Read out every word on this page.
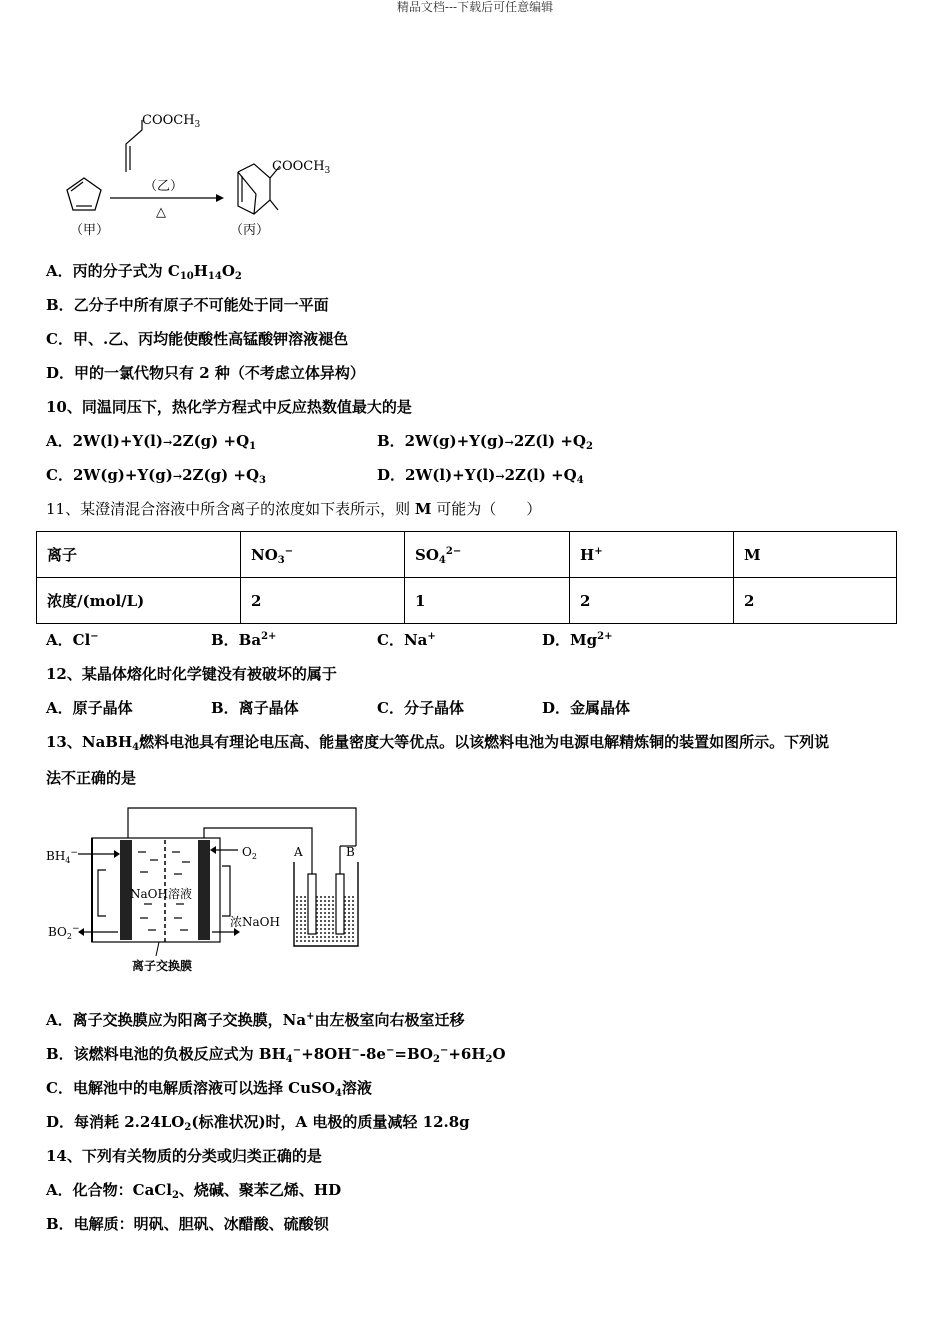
精品文档---下载后可任意编辑
$COOCH_3$
（甲）
（乙）
△
$COOCH_3$
（丙）
A．丙的分子式为 $C_{10}H_{14}O_2$
B．乙分子中所有原子不可能处于同一平面
C．甲、.乙、丙均能使酸性高锰酸钾溶液褪色
D．甲的一氯代物只有 2 种（不考虑立体异构）
10、同温同压下，热化学方程式中反应热数值最大的是
A．$2W(l)+Y(l)\to 2Z(g) +Q_1$	B．$2W(g)+Y(g)\to 2Z(l) +Q_2$
C．$2W(g)+Y(g)\to 2Z(g) +Q_3$	D．$2W(l)+Y(l)\to 2Z(l) +Q_4$
11、某澄清混合溶液中所含离子的浓度如下表所示，则 M 可能为（　　）
离子	$NO_3^-$	$SO_4^{2-}$	H+	M
浓度/(mol/L)	2	1	2	2
A．Cl−	B．$Ba^{2+}$	C．Na+	D．$Mg^{2+}$
12、某晶体熔化时化学键没有被破坏的属于
A．原子晶体	B．离子晶体	C．分子晶体	D．金属晶体
13、NaBH$_4$燃料电池具有理论电压高、能量密度大等优点。以该燃料电池为电源电解精炼铜的装置如图所示。下列说
法不正确的是
NaOH溶液
$BH_4^-$
$BO_2^-$
$O_2$
浓NaOH
离子交换膜
A	B
A．离子交换膜应为阳离子交换膜，Na+由左极室向右极室迁移
B．该燃料电池的负极反应式为 $BH_4^-+8OH^--8e^-=BO_2^-+6H_2O$
C．电解池中的电解质溶液可以选择 CuSO$_4$溶液
D．每消耗 $2.24LO_2$(标准状况)时，A 电极的质量减轻 12.8g
14、下列有关物质的分类或归类正确的是
A．化合物：CaCl$_2$、烧碱、聚苯乙烯、HD
B．电解质：明矾、胆矾、冰醋酸、硫酸钡
